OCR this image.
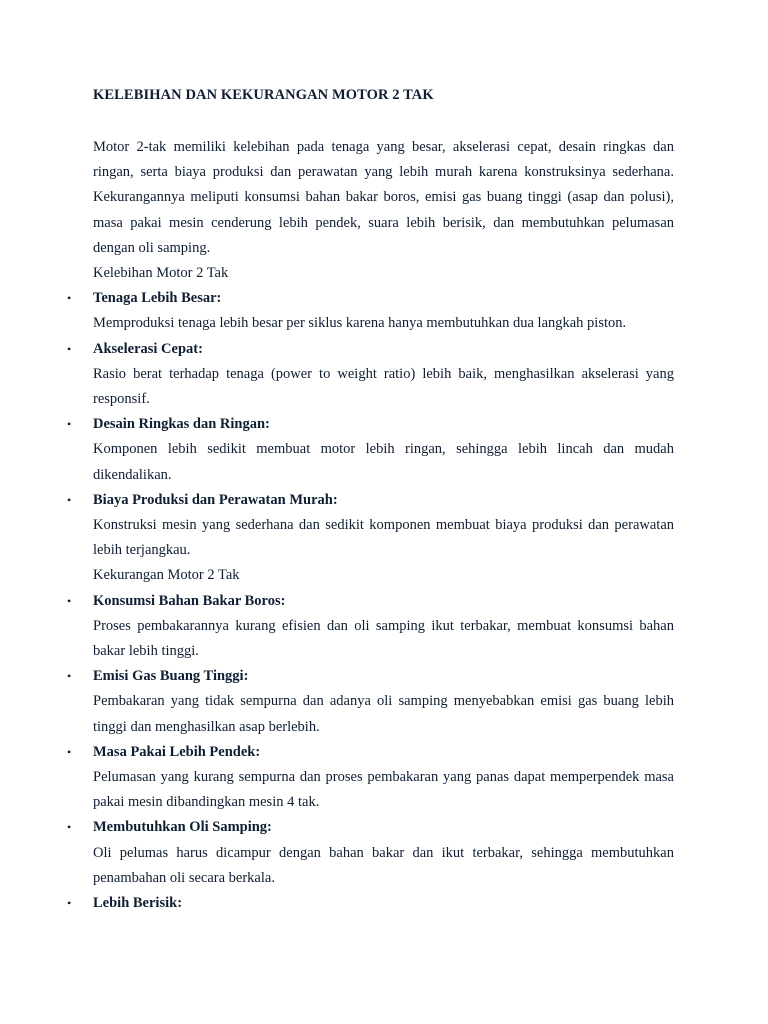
KELEBIHAN DAN KEKURANGAN MOTOR 2 TAK

Motor 2-tak memiliki kelebihan pada tenaga yang besar, akselerasi cepat, desain ringkas dan ringan, serta biaya produksi dan perawatan yang lebih murah karena konstruksinya sederhana. Kekurangannya meliputi konsumsi bahan bakar boros, emisi gas buang tinggi (asap dan polusi), masa pakai mesin cenderung lebih pendek, suara lebih berisik, dan membutuhkan pelumasan dengan oli samping.

Kelebihan Motor 2 Tak

• Tenaga Lebih Besar:

Memproduksi tenaga lebih besar per siklus karena hanya membutuhkan dua langkah piston.

• Akselerasi Cepat:

Rasio berat terhadap tenaga (power to weight ratio) lebih baik, menghasilkan akselerasi yang responsif.

• Desain Ringkas dan Ringan:

Komponen lebih sedikit membuat motor lebih ringan, sehingga lebih lincah dan mudah dikendalikan.

• Biaya Produksi dan Perawatan Murah:

Konstruksi mesin yang sederhana dan sedikit komponen membuat biaya produksi dan perawatan lebih terjangkau.

Kekurangan Motor 2 Tak

• Konsumsi Bahan Bakar Boros:

Proses pembakarannya kurang efisien dan oli samping ikut terbakar, membuat konsumsi bahan bakar lebih tinggi.

• Emisi Gas Buang Tinggi:

Pembakaran yang tidak sempurna dan adanya oli samping menyebabkan emisi gas buang lebih tinggi dan menghasilkan asap berlebih.

• Masa Pakai Lebih Pendek:

Pelumasan yang kurang sempurna dan proses pembakaran yang panas dapat memperpendek masa pakai mesin dibandingkan mesin 4 tak.

• Membutuhkan Oli Samping:

Oli pelumas harus dicampur dengan bahan bakar dan ikut terbakar, sehingga membutuhkan penambahan oli secara berkala.

• Lebih Berisik:
